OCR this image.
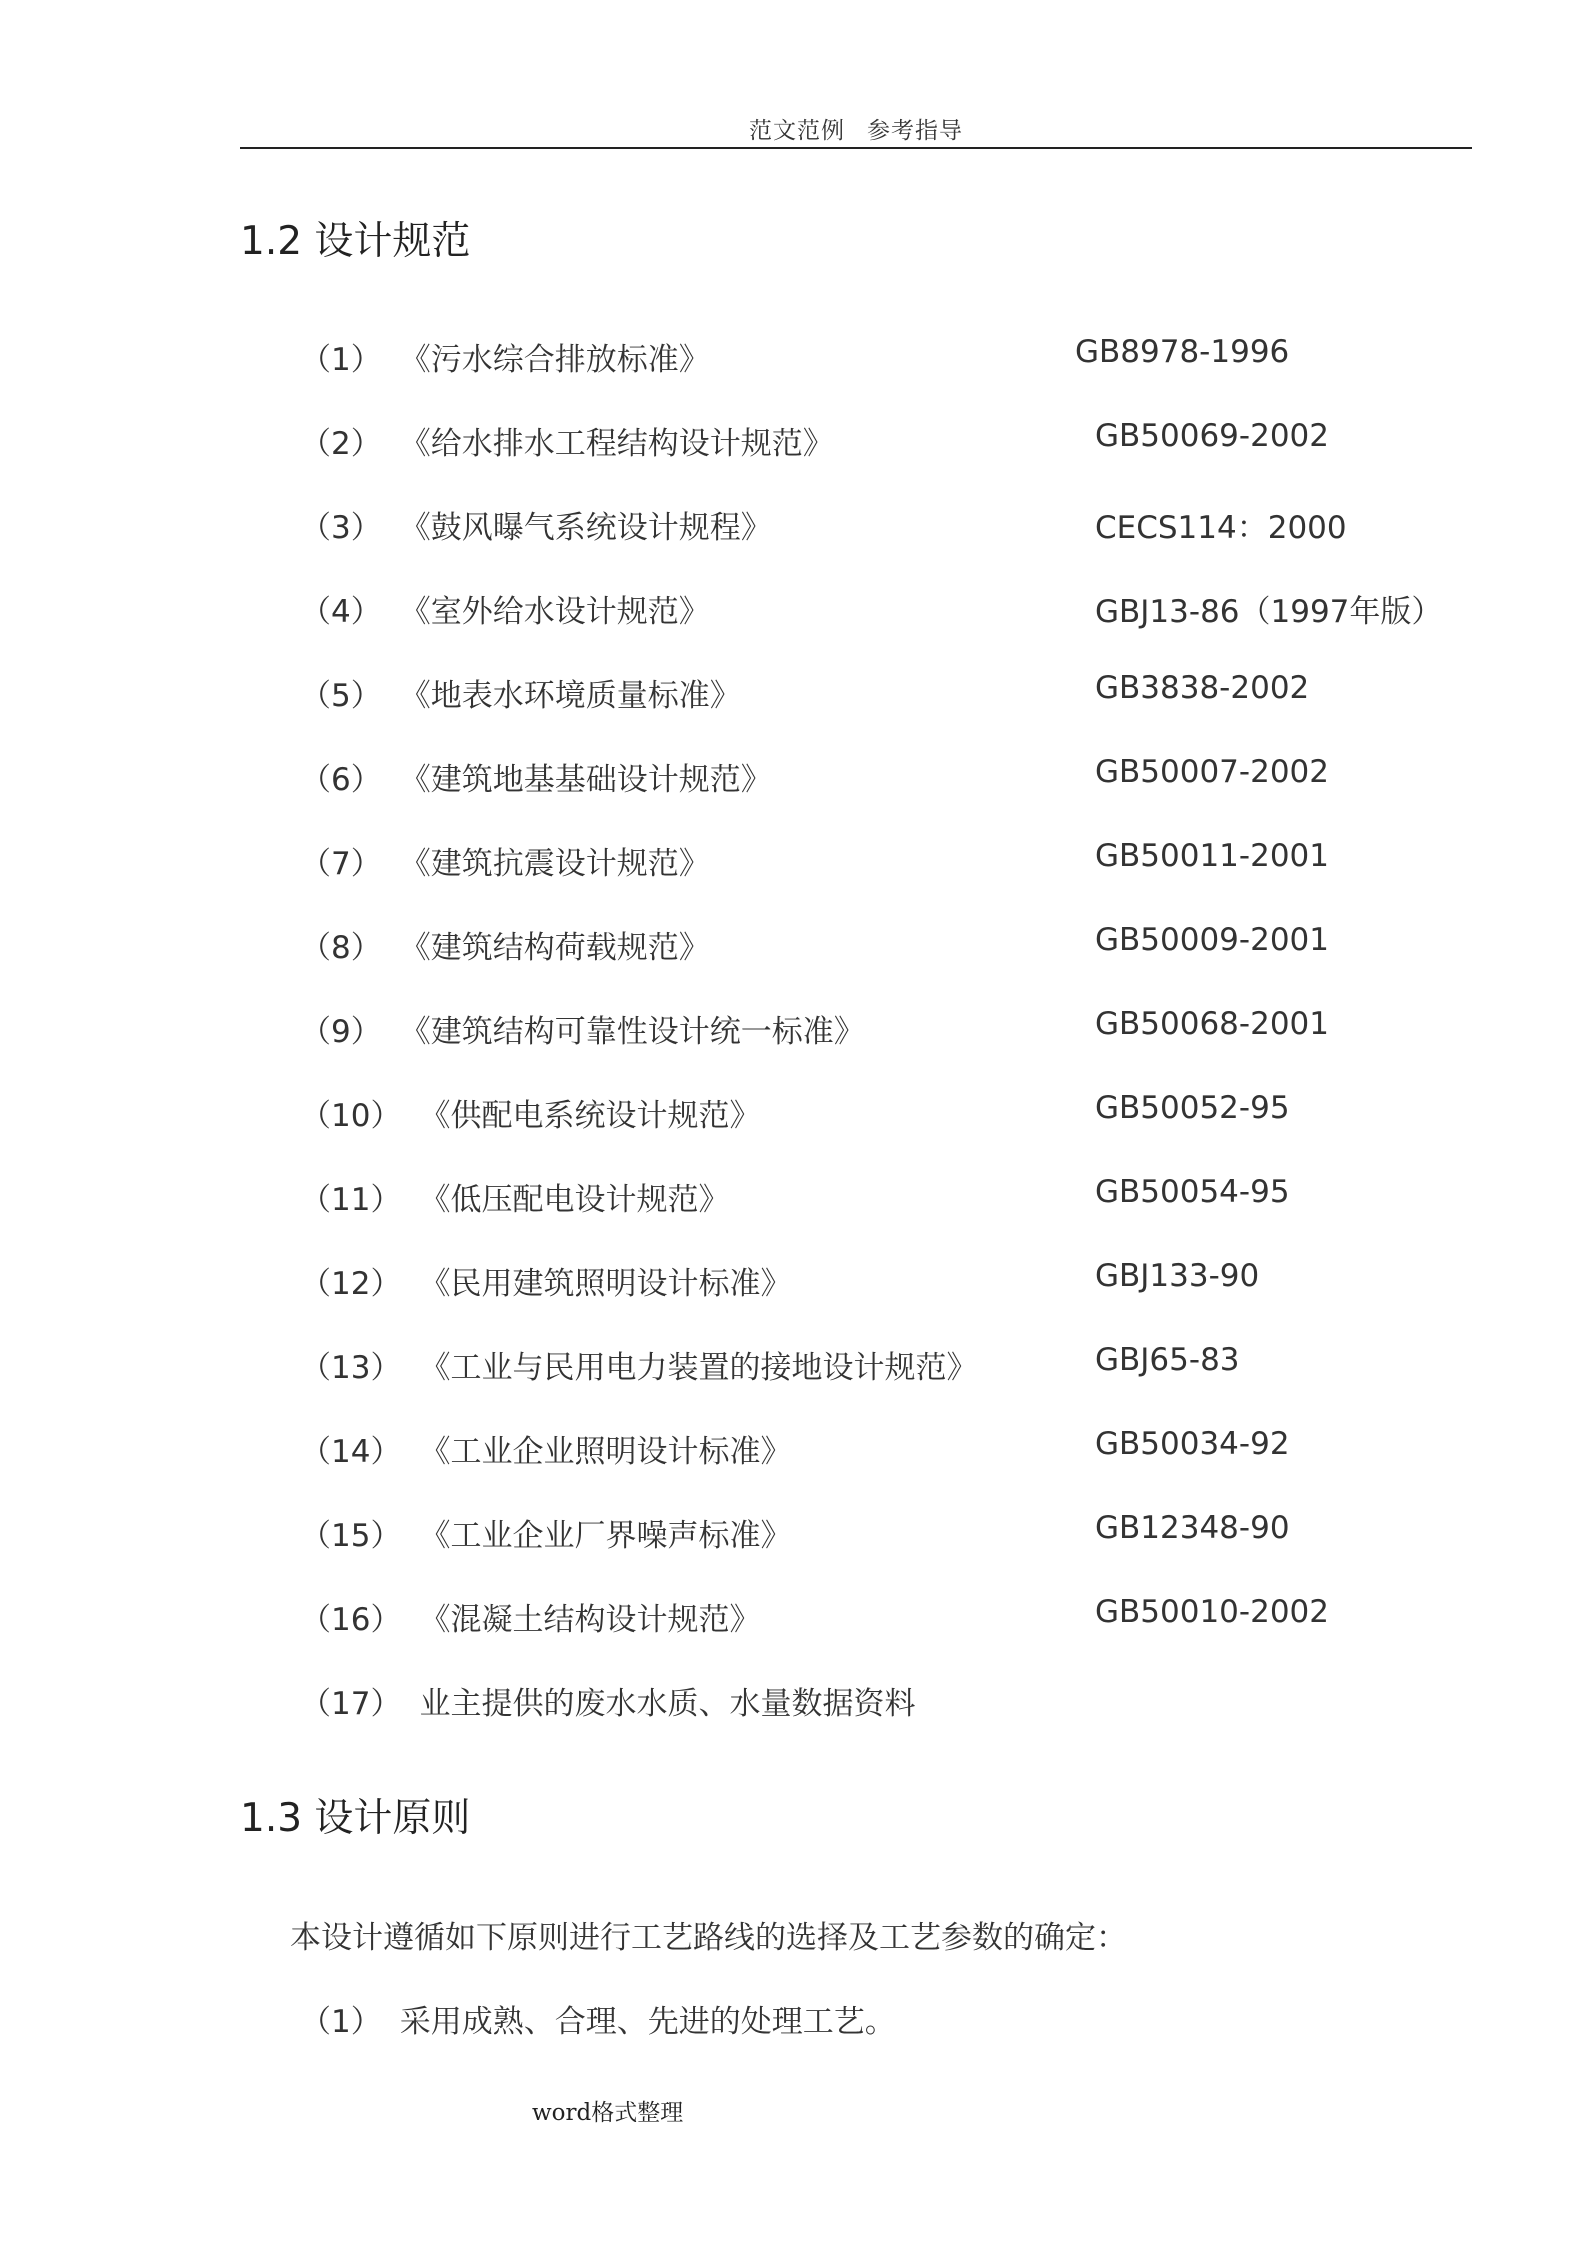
范文范例 参考指导
1.2 设计规范
（1） 《污水综合排放标准》	GB8978-1996
（2） 《给水排水工程结构设计规范》	GB50069-2002
（3） 《鼓风曝气系统设计规程》	CECS114：2000
（4） 《室外给水设计规范》	GBJ13-86（1997年版）
（5） 《地表水环境质量标准》	GB3838-2002
（6） 《建筑地基基础设计规范》	GB50007-2002
（7） 《建筑抗震设计规范》	GB50011-2001
（8） 《建筑结构荷载规范》	GB50009-2001
（9） 《建筑结构可靠性设计统一标准》	GB50068-2001
（10） 《供配电系统设计规范》	GB50052-95
（11） 《低压配电设计规范》	GB50054-95
（12） 《民用建筑照明设计标准》	GBJ133-90
（13） 《工业与民用电力装置的接地设计规范》	GBJ65-83
（14） 《工业企业照明设计标准》	GB50034-92
（15） 《工业企业厂界噪声标准》	GB12348-90
（16） 《混凝土结构设计规范》	GB50010-2002
（17） 业主提供的废水水质、水量数据资料
1.3 设计原则
本设计遵循如下原则进行工艺路线的选择及工艺参数的确定：
（1） 采用成熟、合理、先进的处理工艺。
word格式整理
